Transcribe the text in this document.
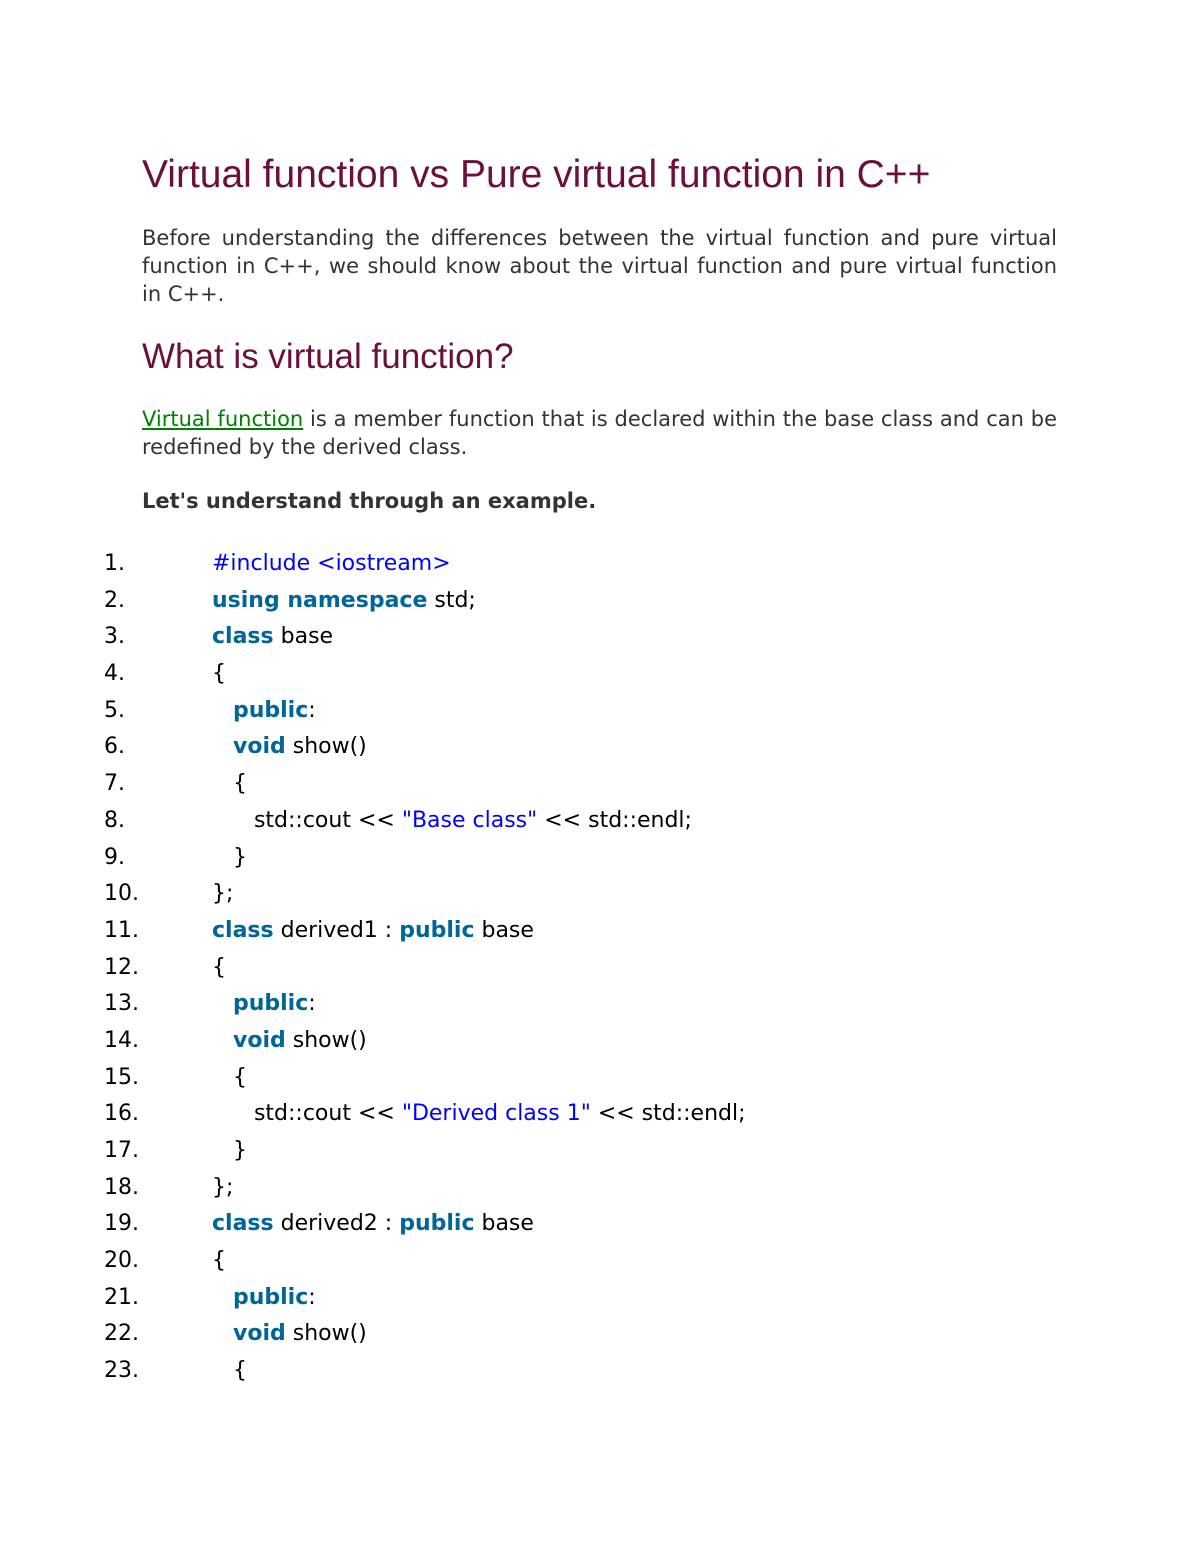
Virtual function vs Pure virtual function in C++

Before understanding the differences between the virtual function and pure virtual function in C++, we should know about the virtual function and pure virtual function in C++.

What is virtual function?

Virtual function is a member function that is declared within the base class and can be redefined by the derived class.

Let's understand through an example.

1.	#include <iostream>
2.	using namespace std;
3.	class base
4.	{
5.	public:
6.	void show()
7.	{
8.	std::cout << "Base class" << std::endl;
9.	}
10.	};
11.	class derived1 : public base
12.	{
13.	public:
14.	void show()
15.	{
16.	std::cout << "Derived class 1" << std::endl;
17.	}
18.	};
19.	class derived2 : public base
20.	{
21.	public:
22.	void show()
23.	{
